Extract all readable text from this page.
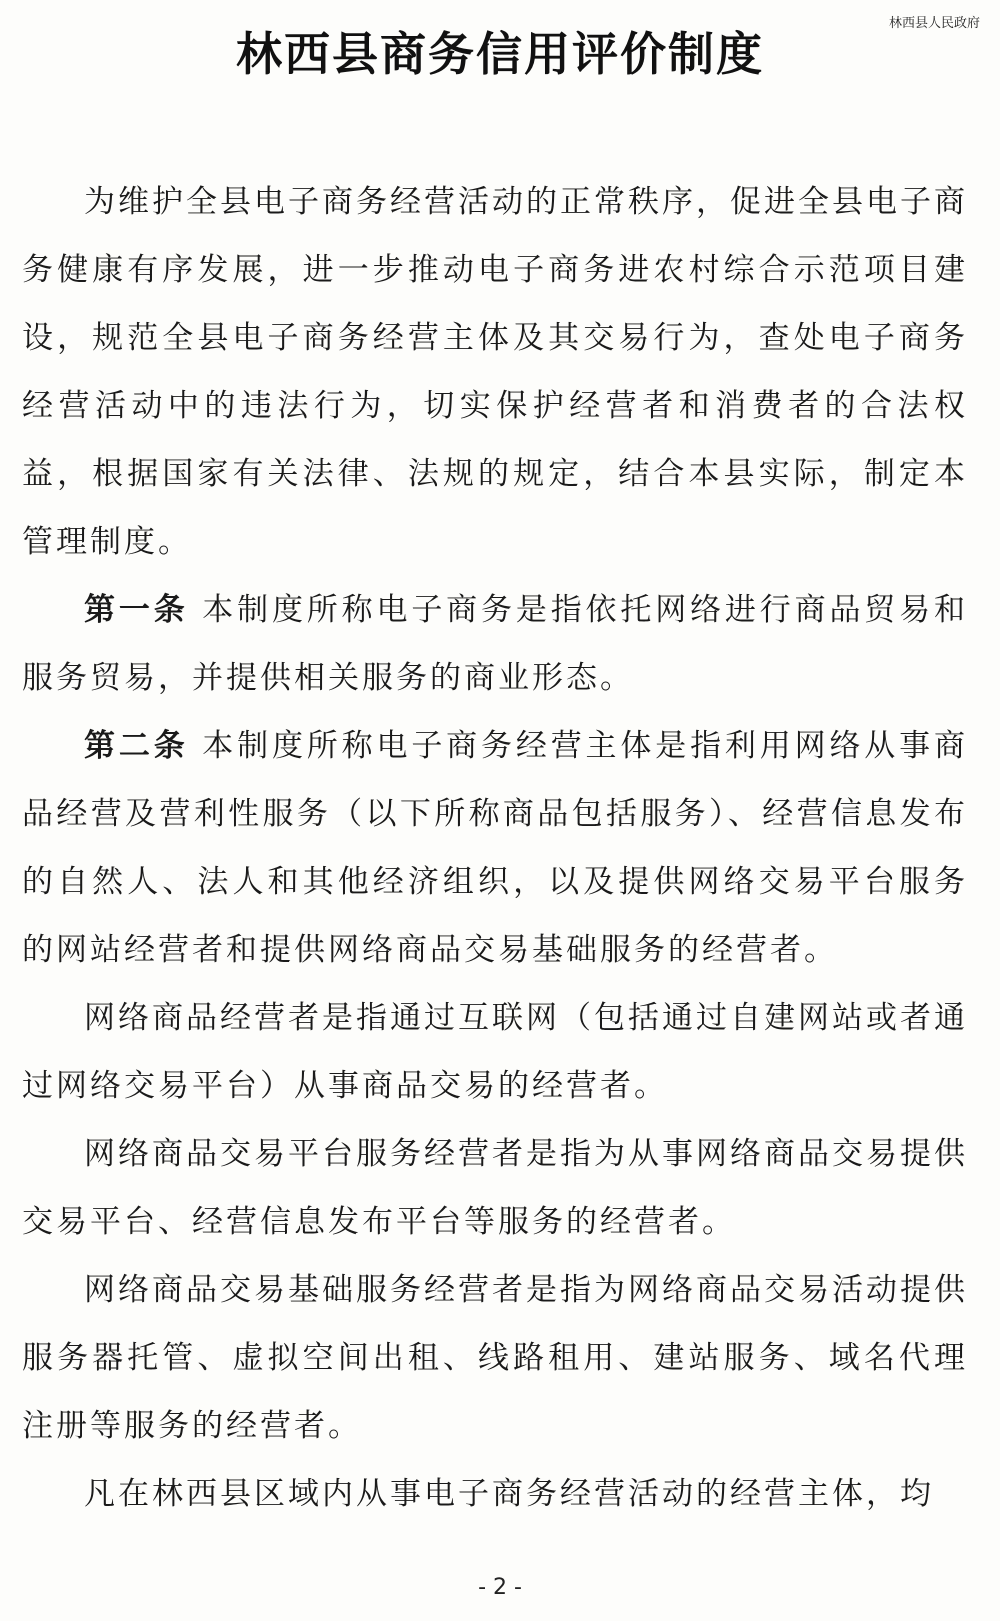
林西县人民政府
林西县商务信用评价制度

为维护全县电子商务经营活动的正常秩序，促进全县电子商务健康有序发展，进一步推动电子商务进农村综合示范项目建设，规范全县电子商务经营主体及其交易行为，查处电子商务经营活动中的违法行为，切实保护经营者和消费者的合法权益，根据国家有关法律、法规的规定，结合本县实际，制定本管理制度。

第一条 本制度所称电子商务是指依托网络进行商品贸易和服务贸易，并提供相关服务的商业形态。

第二条 本制度所称电子商务经营主体是指利用网络从事商品经营及营利性服务（以下所称商品包括服务）、经营信息发布的自然人、法人和其他经济组织，以及提供网络交易平台服务的网站经营者和提供网络商品交易基础服务的经营者。

网络商品经营者是指通过互联网（包括通过自建网站或者通过网络交易平台）从事商品交易的经营者。

网络商品交易平台服务经营者是指为从事网络商品交易提供交易平台、经营信息发布平台等服务的经营者。

网络商品交易基础服务经营者是指为网络商品交易活动提供服务器托管、虚拟空间出租、线路租用、建站服务、域名代理注册等服务的经营者。

凡在林西县区域内从事电子商务经营活动的经营主体，均

- 2 -
